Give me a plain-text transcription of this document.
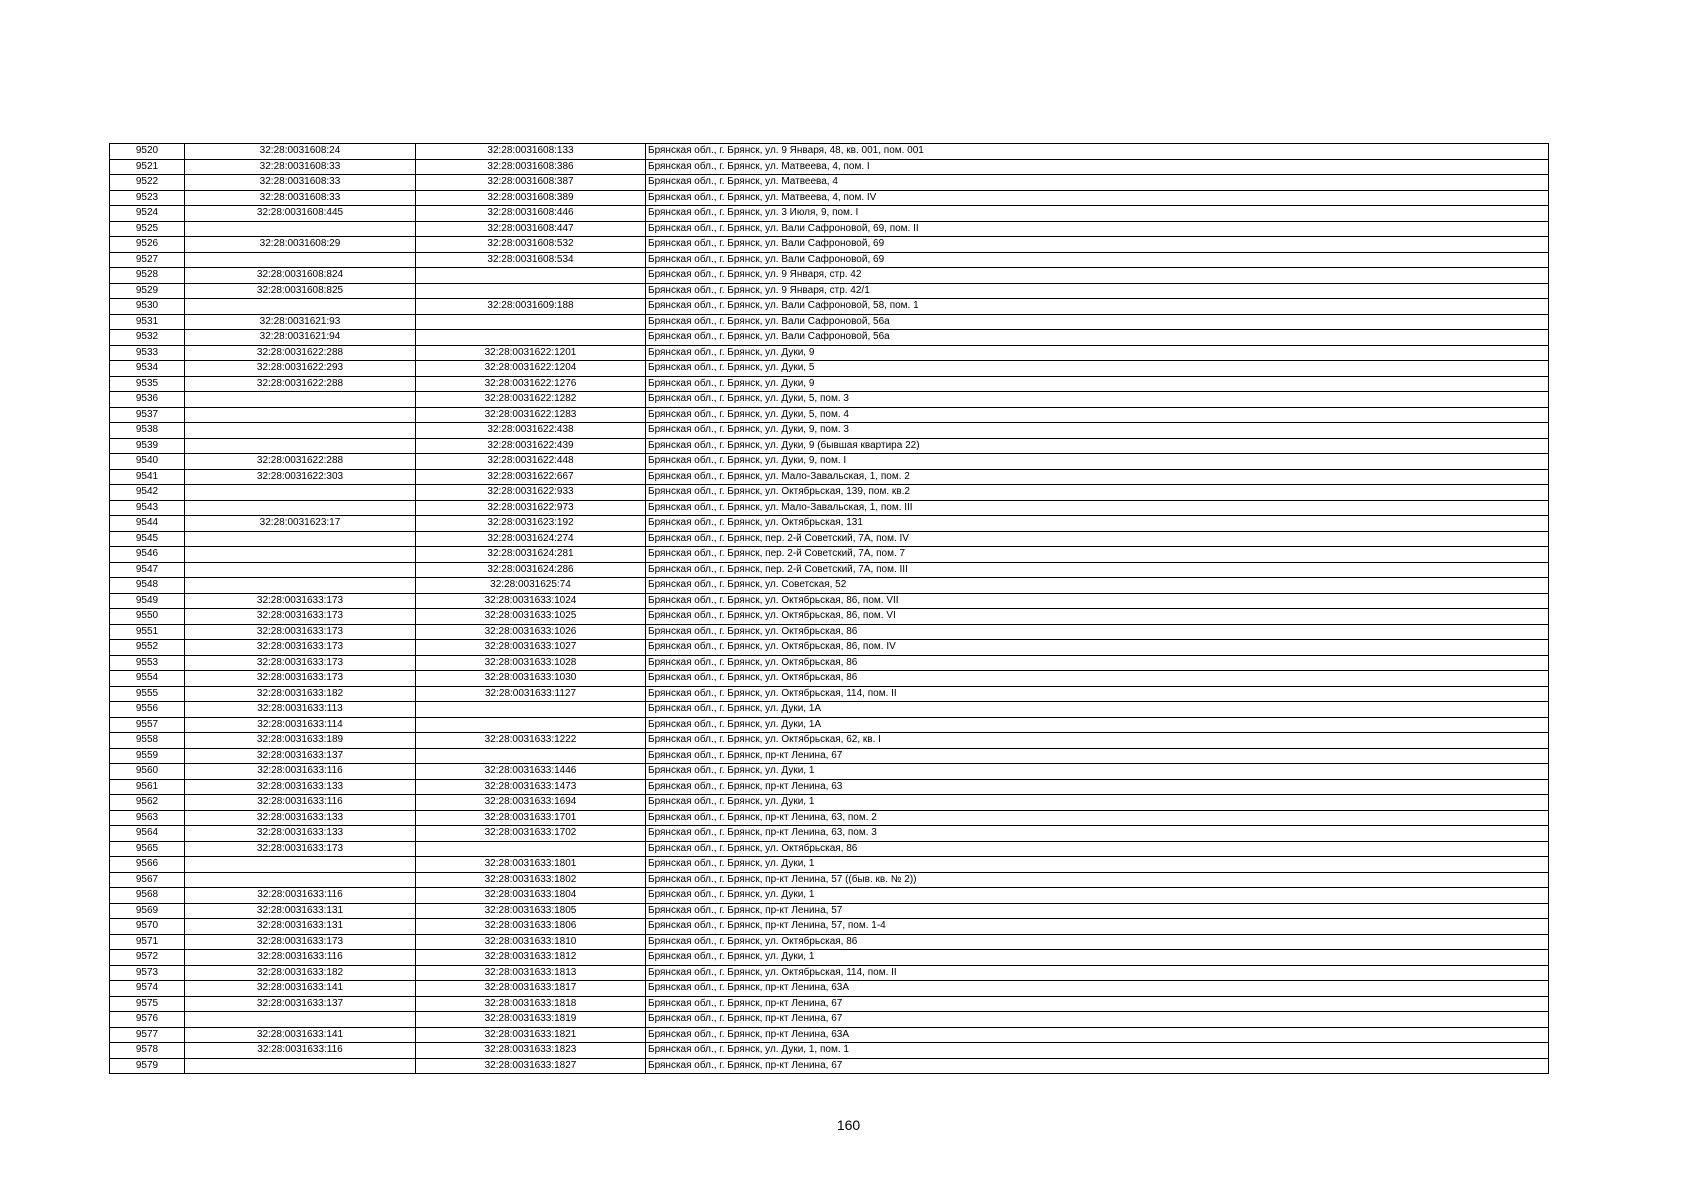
9520	32:28:0031608:24	32:28:0031608:133	Брянская обл., г. Брянск, ул. 9 Января, 48, кв. 001, пом. 001
9521	32:28:0031608:33	32:28:0031608:386	Брянская обл., г. Брянск, ул. Матвеева, 4, пом. I
9522	32:28:0031608:33	32:28:0031608:387	Брянская обл., г. Брянск, ул. Матвеева, 4
9523	32:28:0031608:33	32:28:0031608:389	Брянская обл., г. Брянск, ул. Матвеева, 4, пом. IV
9524	32:28:0031608:445	32:28:0031608:446	Брянская обл., г. Брянск, ул. 3 Июля, 9, пом. I
9525		32:28:0031608:447	Брянская обл., г. Брянск, ул. Вали Сафроновой, 69, пом. II
9526	32:28:0031608:29	32:28:0031608:532	Брянская обл., г. Брянск, ул. Вали Сафроновой, 69
9527		32:28:0031608:534	Брянская обл., г. Брянск, ул. Вали Сафроновой, 69
9528	32:28:0031608:824		Брянская обл., г. Брянск, ул. 9 Января, стр. 42
9529	32:28:0031608:825		Брянская обл., г. Брянск, ул. 9 Января, стр. 42/1
9530		32:28:0031609:188	Брянская обл., г. Брянск, ул. Вали Сафроновой, 58, пом. 1
9531	32:28:0031621:93		Брянская обл., г. Брянск, ул. Вали Сафроновой, 56а
9532	32:28:0031621:94		Брянская обл., г. Брянск, ул. Вали Сафроновой, 56а
9533	32:28:0031622:288	32:28:0031622:1201	Брянская обл., г. Брянск, ул. Дуки, 9
9534	32:28:0031622:293	32:28:0031622:1204	Брянская обл., г. Брянск, ул. Дуки, 5
9535	32:28:0031622:288	32:28:0031622:1276	Брянская обл., г. Брянск, ул. Дуки, 9
9536		32:28:0031622:1282	Брянская обл., г. Брянск, ул. Дуки, 5, пом. 3
9537		32:28:0031622:1283	Брянская обл., г. Брянск, ул. Дуки, 5, пом. 4
9538		32:28:0031622:438	Брянская обл., г. Брянск, ул. Дуки, 9, пом. 3
9539		32:28:0031622:439	Брянская обл., г. Брянск, ул. Дуки, 9 (бывшая квартира 22)
9540	32:28:0031622:288	32:28:0031622:448	Брянская обл., г. Брянск, ул. Дуки, 9, пом. I
9541	32:28:0031622:303	32:28:0031622:667	Брянская обл., г. Брянск, ул. Мало-Завальская, 1, пом. 2
9542		32:28:0031622:933	Брянская обл., г. Брянск, ул. Октябрьская, 139, пом. кв.2
9543		32:28:0031622:973	Брянская обл., г. Брянск, ул. Мало-Завальская, 1, пом. III
9544	32:28:0031623:17	32:28:0031623:192	Брянская обл., г. Брянск, ул. Октябрьская, 131
9545		32:28:0031624:274	Брянская обл., г. Брянск, пер. 2-й Советский, 7А, пом. IV
9546		32:28:0031624:281	Брянская обл., г. Брянск, пер. 2-й Советский, 7А, пом. 7
9547		32:28:0031624:286	Брянская обл., г. Брянск, пер. 2-й Советский, 7А, пом. III
9548		32:28:0031625:74	Брянская обл., г. Брянск, ул. Советская, 52
9549	32:28:0031633:173	32:28:0031633:1024	Брянская обл., г. Брянск, ул. Октябрьская, 86, пом. VII
9550	32:28:0031633:173	32:28:0031633:1025	Брянская обл., г. Брянск, ул. Октябрьская, 86, пом. VI
9551	32:28:0031633:173	32:28:0031633:1026	Брянская обл., г. Брянск, ул. Октябрьская, 86
9552	32:28:0031633:173	32:28:0031633:1027	Брянская обл., г. Брянск, ул. Октябрьская, 86, пом. IV
9553	32:28:0031633:173	32:28:0031633:1028	Брянская обл., г. Брянск, ул. Октябрьская, 86
9554	32:28:0031633:173	32:28:0031633:1030	Брянская обл., г. Брянск, ул. Октябрьская, 86
9555	32:28:0031633:182	32:28:0031633:1127	Брянская обл., г. Брянск, ул. Октябрьская, 114, пом. II
9556	32:28:0031633:113		Брянская обл., г. Брянск, ул. Дуки, 1А
9557	32:28:0031633:114		Брянская обл., г. Брянск, ул. Дуки, 1А
9558	32:28:0031633:189	32:28:0031633:1222	Брянская обл., г. Брянск, ул. Октябрьская, 62, кв. I
9559	32:28:0031633:137		Брянская обл., г. Брянск, пр-кт Ленина, 67
9560	32:28:0031633:116	32:28:0031633:1446	Брянская обл., г. Брянск, ул. Дуки, 1
9561	32:28:0031633:133	32:28:0031633:1473	Брянская обл., г. Брянск, пр-кт Ленина, 63
9562	32:28:0031633:116	32:28:0031633:1694	Брянская обл., г. Брянск, ул. Дуки, 1
9563	32:28:0031633:133	32:28:0031633:1701	Брянская обл., г. Брянск, пр-кт Ленина, 63, пом. 2
9564	32:28:0031633:133	32:28:0031633:1702	Брянская обл., г. Брянск, пр-кт Ленина, 63, пом. 3
9565	32:28:0031633:173		Брянская обл., г. Брянск, ул. Октябрьская, 86
9566		32:28:0031633:1801	Брянская обл., г. Брянск, ул. Дуки, 1
9567		32:28:0031633:1802	Брянская обл., г. Брянск, пр-кт Ленина, 57 ((быв. кв. № 2))
9568	32:28:0031633:116	32:28:0031633:1804	Брянская обл., г. Брянск, ул. Дуки, 1
9569	32:28:0031633:131	32:28:0031633:1805	Брянская обл., г. Брянск, пр-кт Ленина, 57
9570	32:28:0031633:131	32:28:0031633:1806	Брянская обл., г. Брянск, пр-кт Ленина, 57, пом. 1-4
9571	32:28:0031633:173	32:28:0031633:1810	Брянская обл., г. Брянск, ул. Октябрьская, 86
9572	32:28:0031633:116	32:28:0031633:1812	Брянская обл., г. Брянск, ул. Дуки, 1
9573	32:28:0031633:182	32:28:0031633:1813	Брянская обл., г. Брянск, ул. Октябрьская, 114, пом. II
9574	32:28:0031633:141	32:28:0031633:1817	Брянская обл., г. Брянск, пр-кт Ленина, 63А
9575	32:28:0031633:137	32:28:0031633:1818	Брянская обл., г. Брянск, пр-кт Ленина, 67
9576		32:28:0031633:1819	Брянская обл., г. Брянск, пр-кт Ленина, 67
9577	32:28:0031633:141	32:28:0031633:1821	Брянская обл., г. Брянск, пр-кт Ленина, 63А
9578	32:28:0031633:116	32:28:0031633:1823	Брянская обл., г. Брянск, ул. Дуки, 1, пом. 1
9579		32:28:0031633:1827	Брянская обл., г. Брянск, пр-кт Ленина, 67
160
